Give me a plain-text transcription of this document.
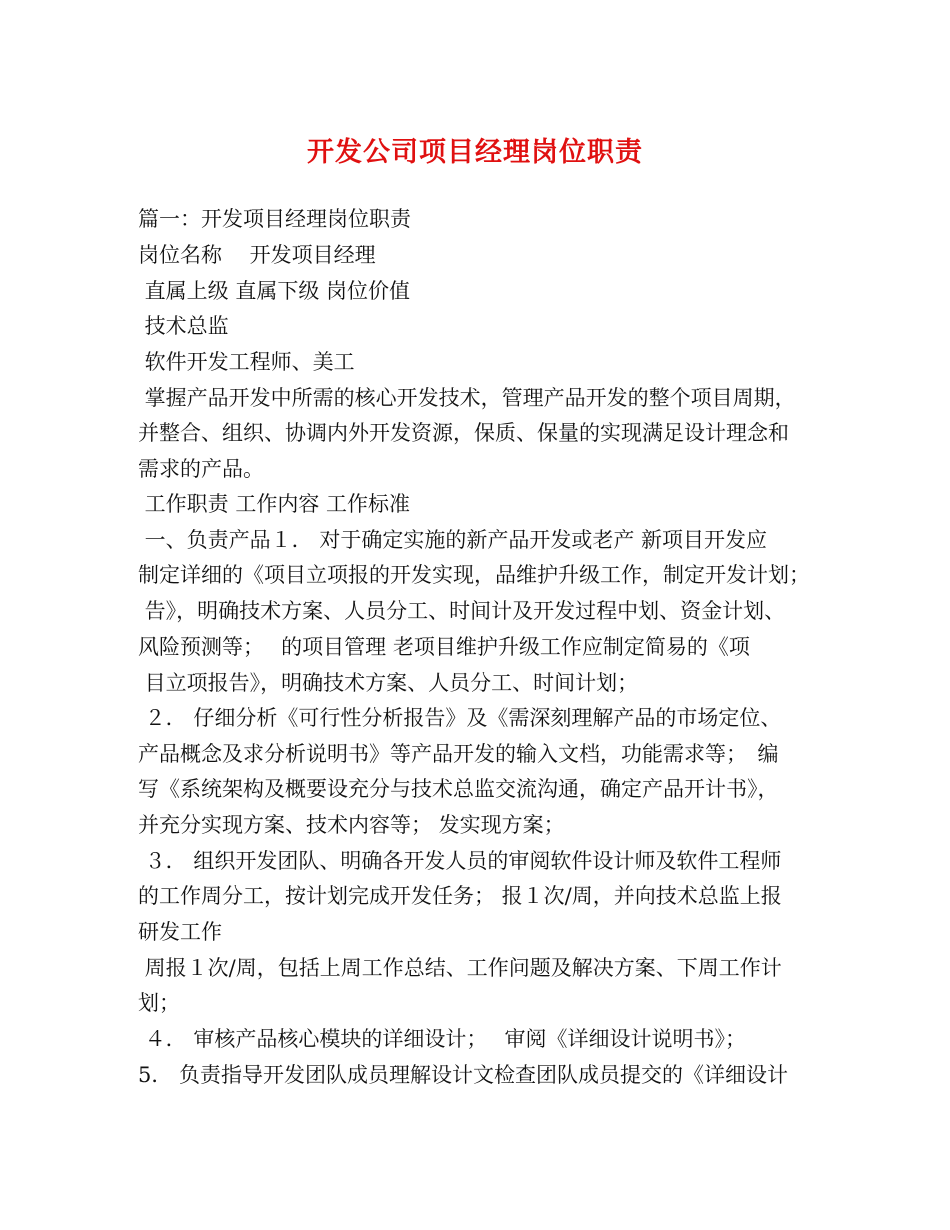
开发公司项目经理岗位职责
篇一：开发项目经理岗位职责
岗位名称　 开发项目经理
直属上级 直属下级 岗位价值
技术总监
软件开发工程师、美工
掌握产品开发中所需的核心开发技术，管理产品开发的整个项目周期，
并整合、组织、协调内外开发资源，保质、保量的实现满足设计理念和
需求的产品。
工作职责 工作内容 工作标准
一、负责产品１． 对于确定实施的新产品开发或老产 新项目开发应
制定详细的《项目立项报的开发实现，品维护升级工作，制定开发计划；
告》，明确技术方案、人员分工、时间计及开发过程中划、资金计划、
风险预测等；　 的项目管理 老项目维护升级工作应制定简易的《项
目立项报告》，明确技术方案、人员分工、时间计划；
２． 仔细分析《可行性分析报告》及《需深刻理解产品的市场定位、
产品概念及求分析说明书》等产品开发的输入文档，功能需求等；　编
写《系统架构及概要设充分与技术总监交流沟通，确定产品开计书》，
并充分实现方案、技术内容等； 发实现方案；
３． 组织开发团队、明确各开发人员的审阅软件设计师及软件工程师
的工作周分工，按计划完成开发任务； 报１次/周，并向技术总监上报
研发工作
周报１次/周，包括上周工作总结、工作问题及解决方案、下周工作计
划；
４． 审核产品核心模块的详细设计；　 审阅《详细设计说明书》；
5． 负责指导开发团队成员理解设计文检查团队成员提交的《详细设计
